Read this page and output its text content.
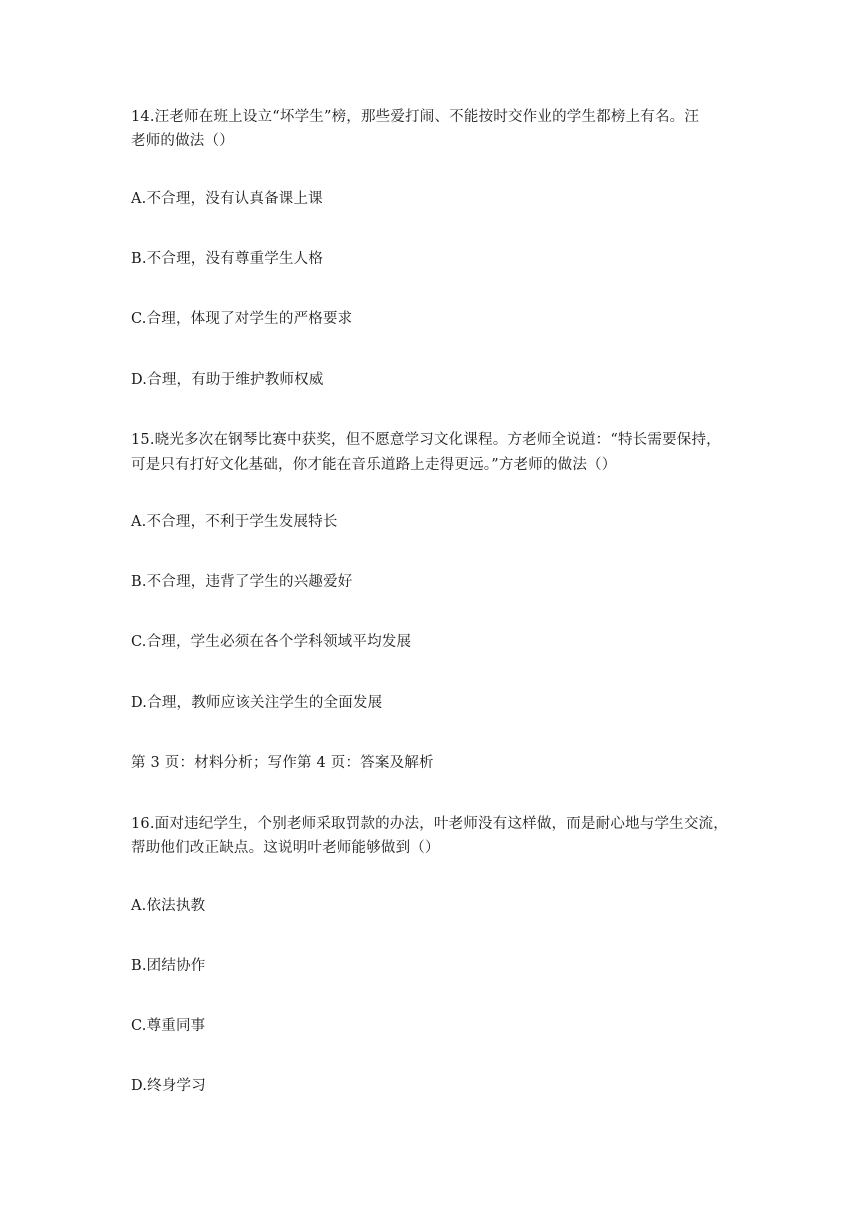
14.汪老师在班上设立“坏学生”榜，那些爱打闹、不能按时交作业的学生都榜上有名。汪
老师的做法（）
A.不合理，没有认真备课上课
B.不合理，没有尊重学生人格
C.合理，体现了对学生的严格要求
D.合理，有助于维护教师权威
15.晓光多次在钢琴比赛中获奖，但不愿意学习文化课程。方老师全说道：“特长需要保持，
可是只有打好文化基础，你才能在音乐道路上走得更远。”方老师的做法（）
A.不合理，不利于学生发展特长
B.不合理，违背了学生的兴趣爱好
C.合理，学生必须在各个学科领域平均发展
D.合理，教师应该关注学生的全面发展
第 3 页：材料分析；写作第 4 页：答案及解析
16.面对违纪学生，个别老师采取罚款的办法，叶老师没有这样做，而是耐心地与学生交流，
帮助他们改正缺点。这说明叶老师能够做到（）
A.依法执教
B.团结协作
C.尊重同事
D.终身学习
